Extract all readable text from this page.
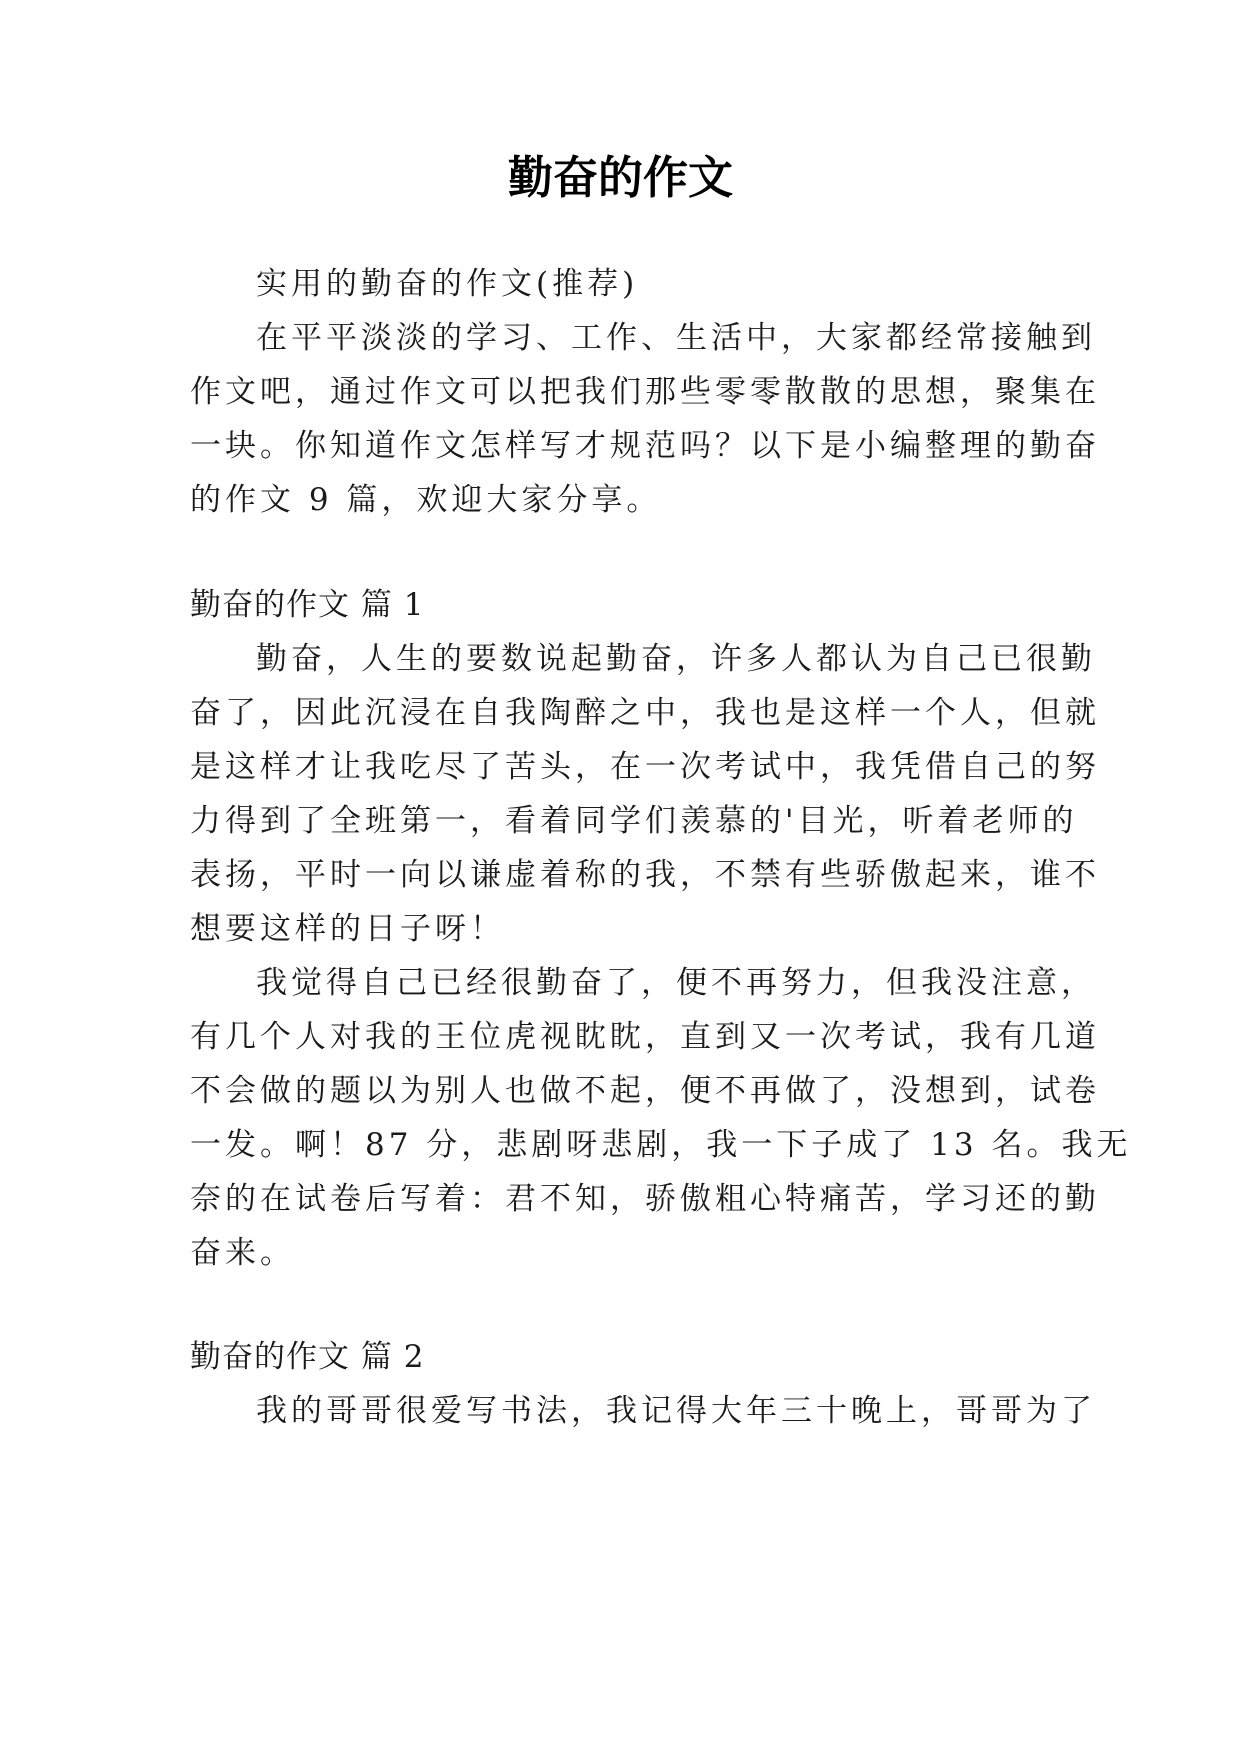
勤奋的作文
实用的勤奋的作文(推荐)
在平平淡淡的学习、工作、生活中，大家都经常接触到
作文吧，通过作文可以把我们那些零零散散的思想，聚集在
一块。你知道作文怎样写才规范吗？以下是小编整理的勤奋
的作文 9 篇，欢迎大家分享。
勤奋的作文 篇 1
勤奋，人生的要数说起勤奋，许多人都认为自己已很勤
奋了，因此沉浸在自我陶醉之中，我也是这样一个人，但就
是这样才让我吃尽了苦头，在一次考试中，我凭借自己的努
力得到了全班第一，看着同学们羡慕的'目光，听着老师的
表扬，平时一向以谦虚着称的我，不禁有些骄傲起来，谁不
想要这样的日子呀！
我觉得自己已经很勤奋了，便不再努力，但我没注意，
有几个人对我的王位虎视眈眈，直到又一次考试，我有几道
不会做的题以为别人也做不起，便不再做了，没想到，试卷
一发。啊！87 分，悲剧呀悲剧，我一下子成了 13 名。我无
奈的在试卷后写着：君不知，骄傲粗心特痛苦，学习还的勤
奋来。
勤奋的作文 篇 2
我的哥哥很爱写书法，我记得大年三十晚上，哥哥为了
